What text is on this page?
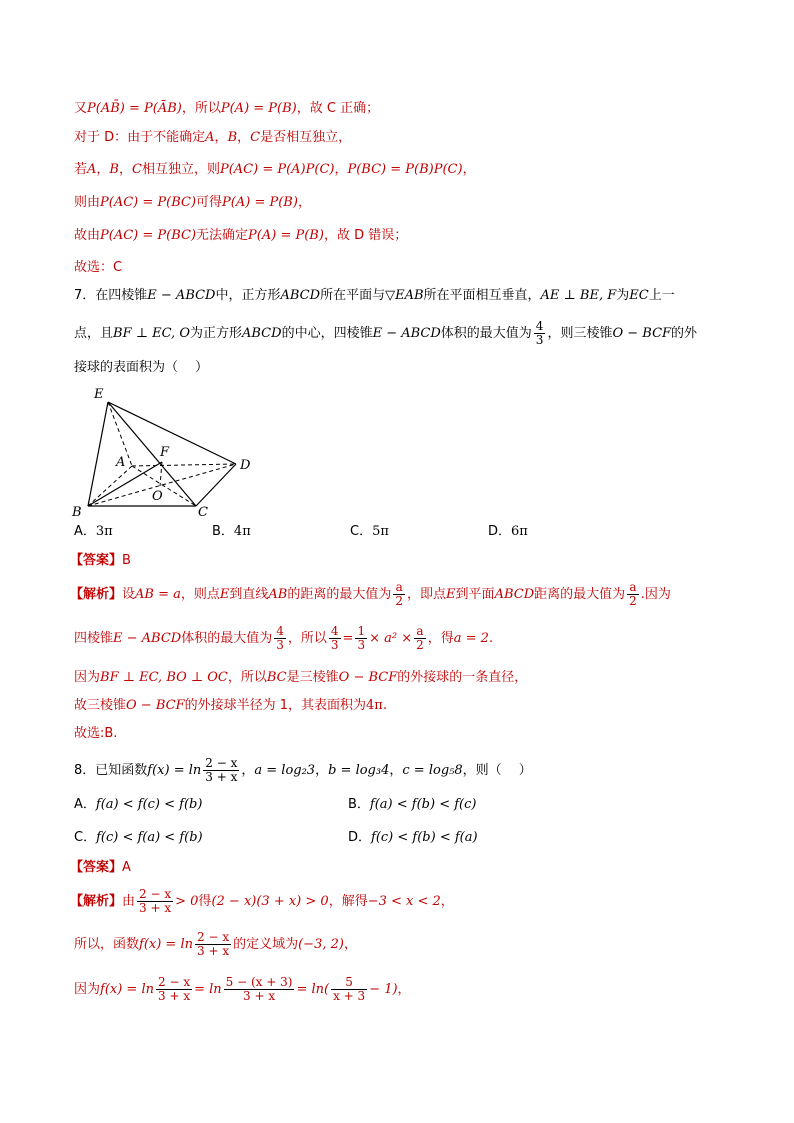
又P(AB̄) = P(ĀB)，所以P(A) = P(B)，故 C 正确；
对于 D：由于不能确定A，B，C是否相互独立，
若A，B，C相互独立，则P(AC) = P(A)P(C)，P(BC) = P(B)P(C)，
则由P(AC) = P(BC)可得P(A) = P(B)，
故由P(AC) = P(BC)无法确定P(A) = P(B)，故 D 错误；
故选：C
7．在四棱锥E − ABCD中，正方形ABCD所在平面与▽EAB所在平面相互垂直，AE ⊥ BE, F为EC上一
点，且BF ⊥ EC, O为正方形ABCD的中心，四棱锥E − ABCD体积的最大值为 $\frac{4}{3}$ ，则三棱锥O − BCF的外
接球的表面积为（　 ）
E
A
F
D
O
B	C
A．3π	B．4π	C．5π	D．6π
【答案】B
【解析】设AB = a，则点E到直线AB的距离的最大值为 $\frac{a}{2}$ ，即点E到平面ABCD距离的最大值为 $\frac{a}{2}$ .因为
四棱锥E − ABCD体积的最大值为 $\frac{4}{3}$ ，所以 $\frac{4}{3} = \frac{1}{3} \times a^2 \times \frac{a}{2}$ ，得a = 2.
因为BF ⊥ EC, BO ⊥ OC，所以BC是三棱锥O − BCF的外接球的一条直径，
故三棱锥O − BCF的外接球半径为 1，其表面积为4π.
故选:B.
8．已知函数$f(x) = \ln \frac{2 - x}{3 + x}$ ，a = log₂3，b = log₃4，c = log₅8，则（　 ）
A．f(a) < f(c) < f(b)	B．f(a) < f(b) < f(c)
C．f(c) < f(a) < f(b)	D．f(c) < f(b) < f(a)
【答案】A
【解析】由 $\frac{2 - x}{3 + x} > 0$得(2 − x)(3 + x) > 0，解得−3 < x < 2，
所以，函数$f(x) = \ln \frac{2 - x}{3 + x}$ 的定义域为(−3, 2)，
因为$f(x) = \ln \frac{2 - x}{3 + x} = \ln \frac{5 - (x + 3)}{3 + x} = \ln( \frac{5}{x + 3} - 1)$，
